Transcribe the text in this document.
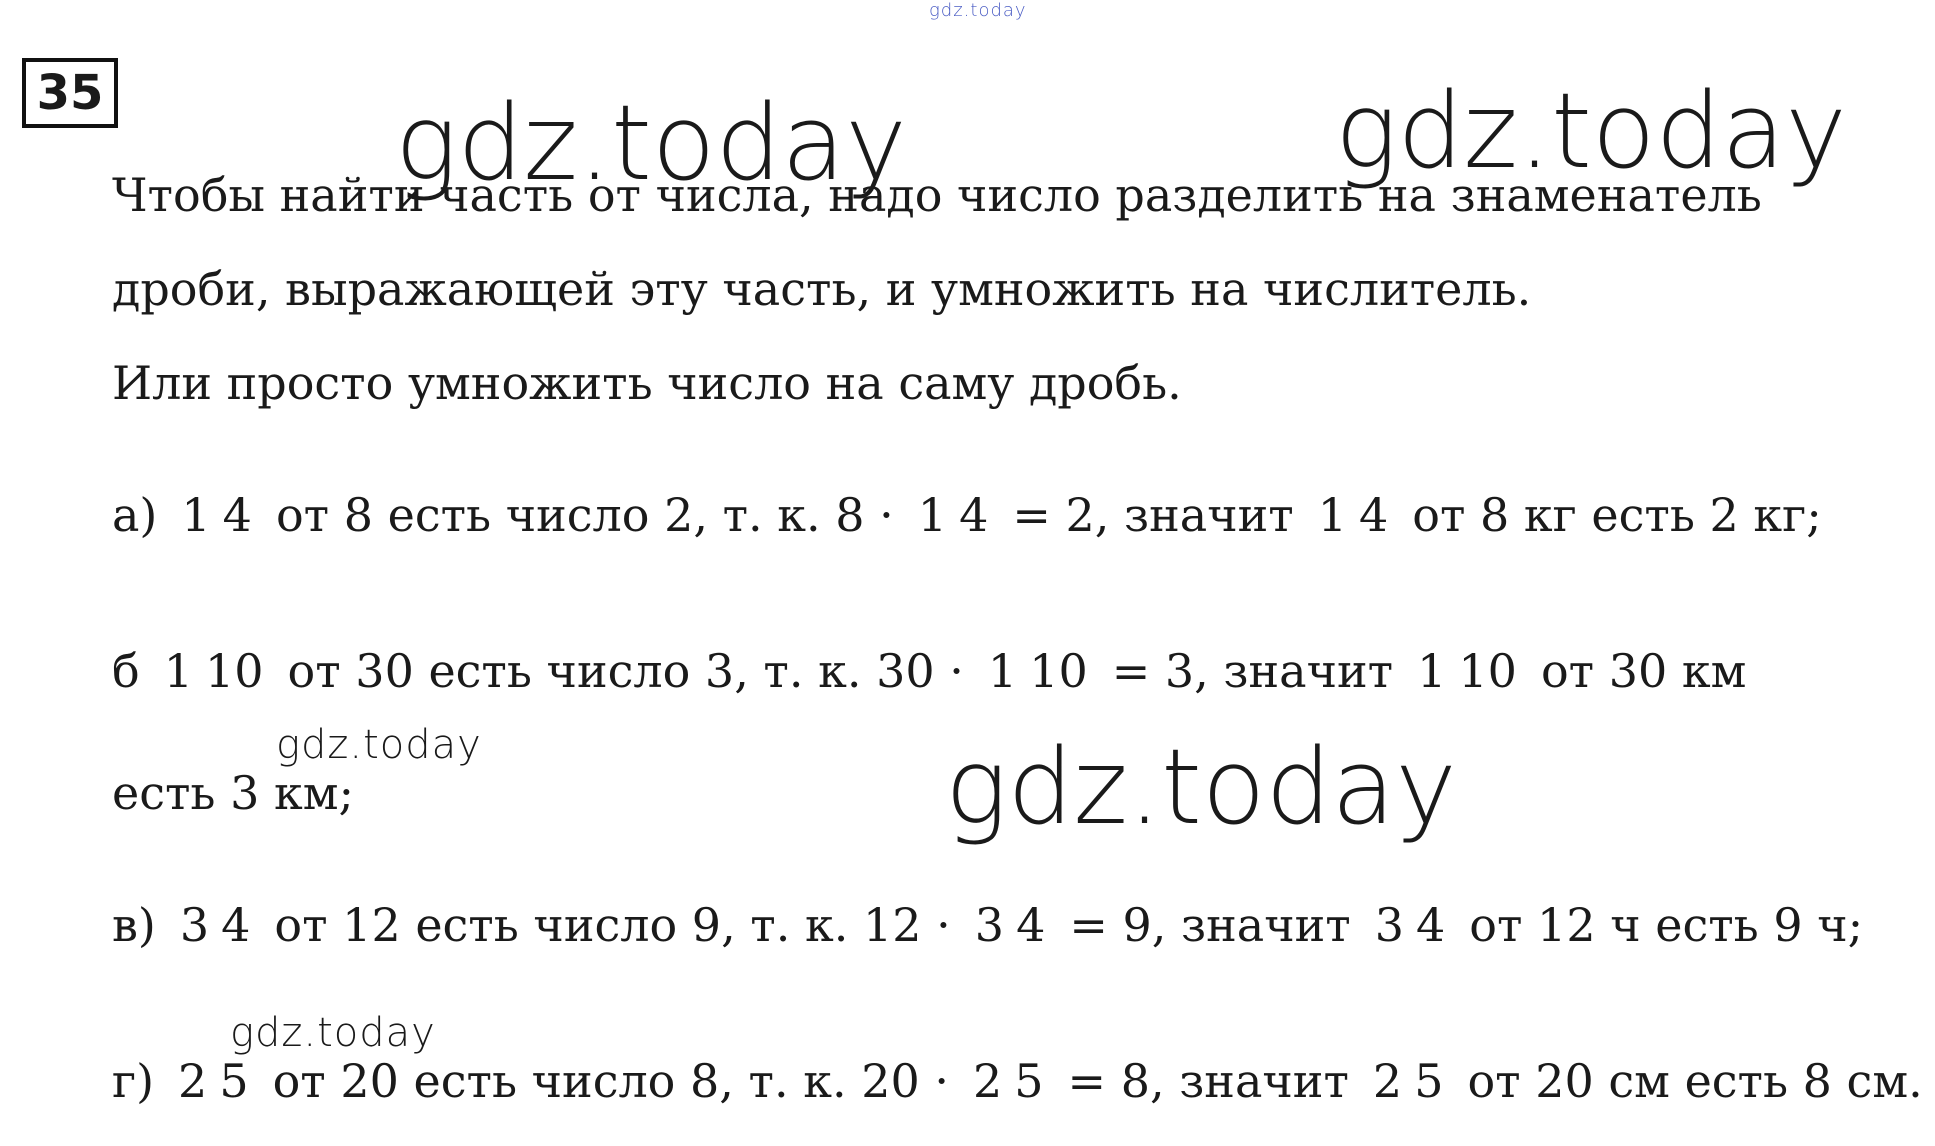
gdz.today
gdz.today	gdz.today
gdz.today
gdz.today
gdz.today
35
Чтобы найти часть от числа, надо число разделить на знаменатель
дроби, выражающей эту часть, и умножить на числитель.
Или просто умножить число на саму дробь.
а) 1 4 от 8 есть число 2, т. к. 8 · 1 4 = 2, значит 1 4 от 8 кг есть 2 кг;
б 1 10 от 30 есть число 3, т. к. 30 · 1 10 = 3, значит 1 10 от 30 км
есть 3 км;
в) 3 4 от 12 есть число 9, т. к. 12 · 3 4 = 9, значит 3 4 от 12 ч есть 9 ч;
г) 2 5 от 20 есть число 8, т. к. 20 · 2 5 = 8, значит 2 5 от 20 см есть 8 см.
